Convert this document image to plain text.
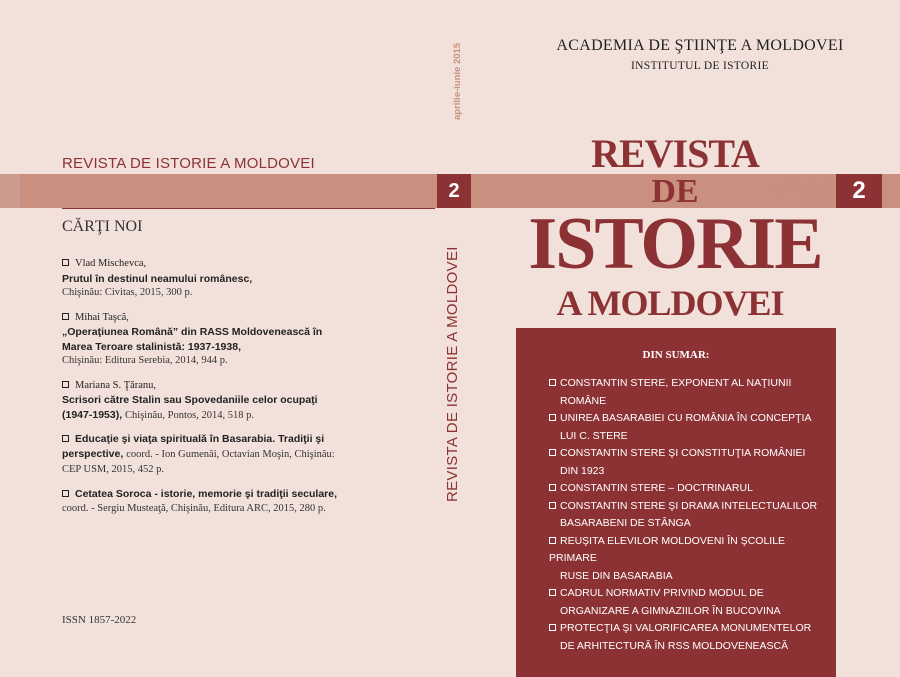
REVISTA DE ISTORIE A MOLDOVEI
CĂRŢI NOI
Vlad Mischevca,
Prutul în destinul neamului românesc,
Chişinău: Civitas, 2015, 300 p.
Mihai Taşcă,
„Operaţiunea Română” din RASS Moldovenească în Marea Teroare stalinistă: 1937-1938,
Chişinău: Editura Serebia, 2014, 944 p.
Mariana S. Ţăranu,
Scrisori către Stalin sau Spovedaniile celor ocupaţi (1947-1953), Chişinău, Pontos, 2014, 518 p.
Educaţie şi viaţa spirituală în Basarabia. Tradiţii şi perspective, coord. - Ion Gumenâi, Octavian Moşin, Chişinău: CEP USM, 2015, 452 p.
Cetatea Soroca - istorie, memorie şi tradiţii seculare, coord. - Sergiu Musteaţă, Chişinău, Editura ARC, 2015, 280 p.
ISSN 1857-2022
aprilie-iunie 2015
2
REVISTA DE ISTORIE A MOLDOVEI
ACADEMIA DE ŞTIINŢE A MOLDOVEI
INSTITUTUL DE ISTORIE
REVISTA
DE
ISTORIE
A MOLDOVEI
aprilie-iunie
2015 2
DIN SUMAR:
CONSTANTIN STERE, EXPONENT AL NAŢIUNII
ROMÂNE
UNIREA BASARABIEI CU ROMÂNIA ÎN CONCEPŢIA
LUI C. STERE
CONSTANTIN STERE ŞI CONSTITUŢIA ROMÂNIEI
DIN 1923
CONSTANTIN STERE – DOCTRINARUL
CONSTANTIN STERE ŞI DRAMA INTELECTUALILOR
BASARABENI DE STÂNGA
REUŞITA ELEVILOR MOLDOVENI ÎN ŞCOLILE PRIMARE
RUSE DIN BASARABIA
CADRUL NORMATIV PRIVIND MODUL DE
ORGANIZARE A GIMNAZIILOR ÎN BUCOVINA
PROTECŢIA ŞI VALORIFICAREA MONUMENTELOR
DE ARHITECTURĂ ÎN RSS MOLDOVENEASCĂ
